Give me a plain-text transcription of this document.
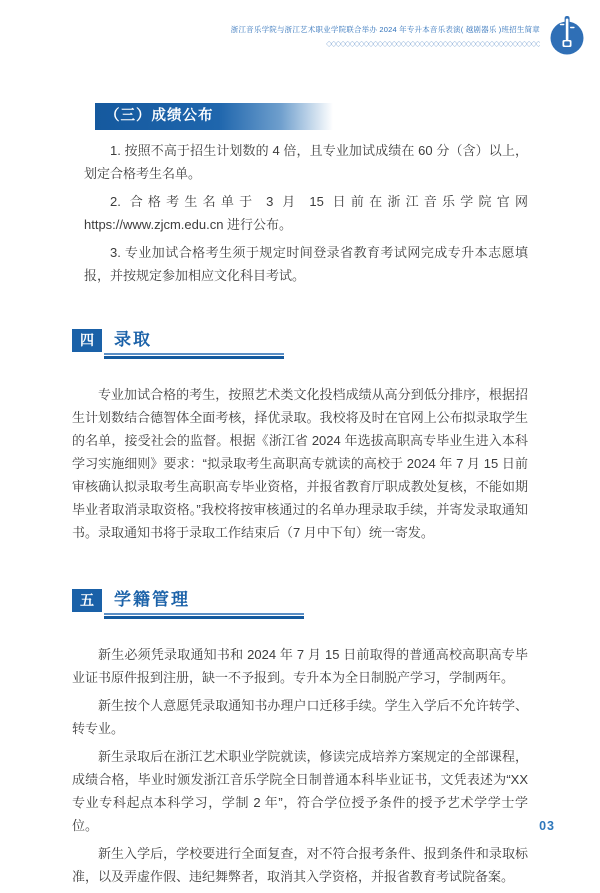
浙江音乐学院与浙江艺术职业学院联合举办 2024 年专升本音乐表演( 越剧器乐 )班招生简章
◇◇◇◇◇◇◇◇◇◇◇◇◇◇◇◇◇◇◇◇◇◇◇◇◇◇◇◇◇◇◇◇◇◇◇◇◇◇◇◇◇◇◇◇◇◇
（三）成绩公布

1. 按照不高于招生计划数的 4 倍，且专业加试成绩在 60 分（含）以上，划定合格考生名单。

2. 合格考生名单于 3 月 15 日前在浙江音乐学院官网 https://www.zjcm.edu.cn 进行公布。

3. 专业加试合格考生须于规定时间登录省教育考试网完成专升本志愿填报，并按规定参加相应文化科目考试。

四	录取

专业加试合格的考生，按照艺术类文化投档成绩从高分到低分排序，根据招生计划数结合德智体全面考核，择优录取。我校将及时在官网上公布拟录取学生的名单，接受社会的监督。根据《浙江省 2024 年选拔高职高专毕业生进入本科学习实施细则》要求：“拟录取考生高职高专就读的高校于 2024 年 7 月 15 日前审核确认拟录取考生高职高专毕业资格，并报省教育厅职成教处复核，不能如期毕业者取消录取资格。”我校将按审核通过的名单办理录取手续，并寄发录取通知书。录取通知书将于录取工作结束后（7 月中下旬）统一寄发。

五	学籍管理

新生必须凭录取通知书和 2024 年 7 月 15 日前取得的普通高校高职高专毕业证书原件报到注册，缺一不予报到。专升本为全日制脱产学习，学制两年。

新生按个人意愿凭录取通知书办理户口迁移手续。学生入学后不允许转学、转专业。

新生录取后在浙江艺术职业学院就读，修读完成培养方案规定的全部课程，成绩合格，毕业时颁发浙江音乐学院全日制普通本科毕业证书，文凭表述为“XX 专业专科起点本科学习，学制 2 年”，符合学位授予条件的授予艺术学学士学位。

新生入学后，学校要进行全面复查，对不符合报考条件、报到条件和录取标准，以及弄虚作假、违纪舞弊者，取消其入学资格，并报省教育考试院备案。

03
